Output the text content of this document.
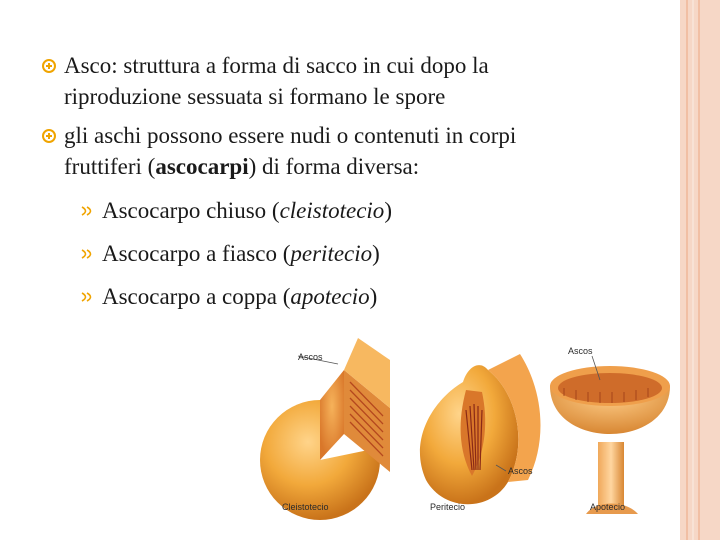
Asco: struttura a forma di sacco in cui dopo la
riproduzione sessuata si formano le spore
gli aschi possono essere nudi o contenuti in corpi
fruttiferi (ascocarpi) di forma diversa:
Ascocarpo chiuso (cleistotecio)
Ascocarpo a fiasco (peritecio)
Ascocarpo a coppa (apotecio)
Ascos
Ascos
Ascos
Cleistotecio	Peritecio	Apotecio
